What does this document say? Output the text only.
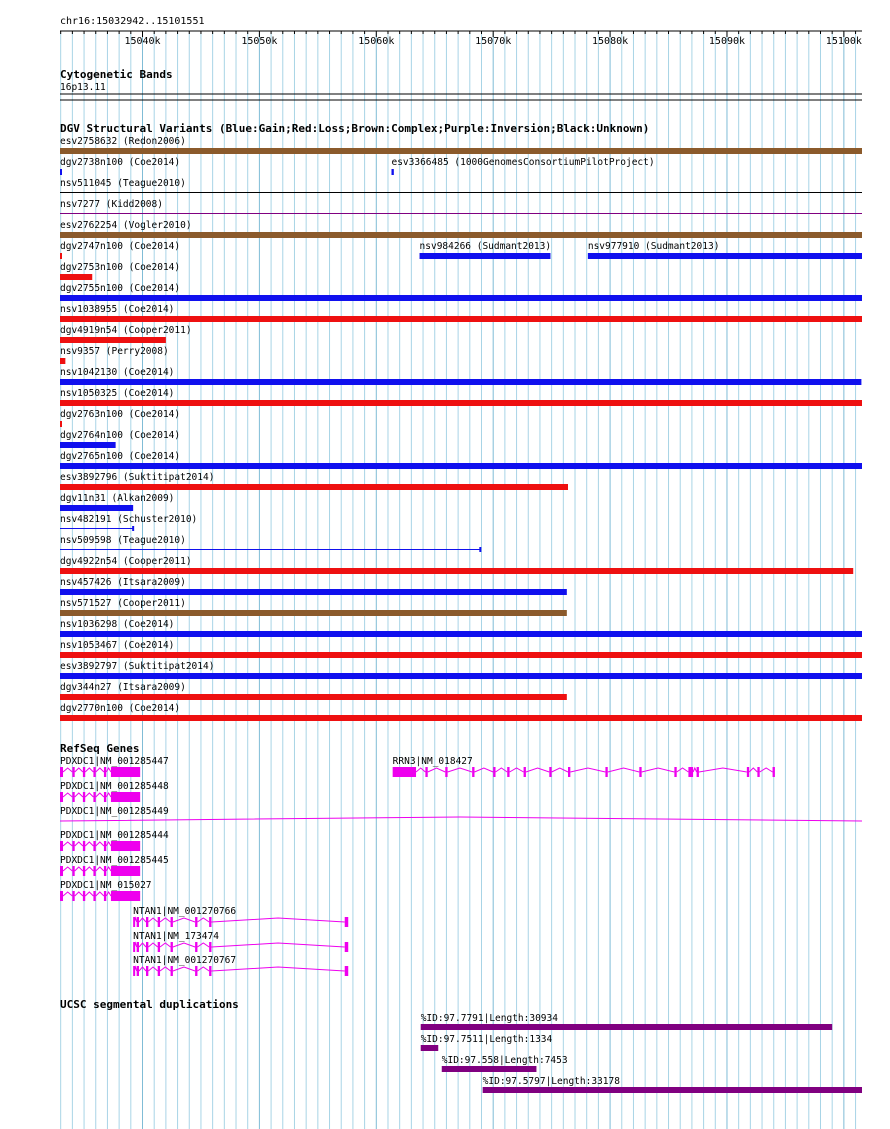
chr16:15032942..15101551
15040k	15050k	15060k	15070k	15080k	15090k	15100k
Cytogenetic Bands
16p13.11
DGV Structural Variants (Blue:Gain;Red:Loss;Brown:Complex;Purple:Inversion;Black:Unknown)
esv2758632 (Redon2006)
dgv2738n100 (Coe2014)	esv3366485 (1000GenomesConsortiumPilotProject)
nsv511045 (Teague2010)
nsv7277 (Kidd2008)
esv2762254 (Vogler2010)
dgv2747n100 (Coe2014)	nsv984266 (Sudmant2013)	nsv977910 (Sudmant2013)
dgv2753n100 (Coe2014)
dgv2755n100 (Coe2014)
nsv1038955 (Coe2014)
dgv4919n54 (Cooper2011)
nsv9357 (Perry2008)
nsv1042130 (Coe2014)
nsv1050325 (Coe2014)
dgv2763n100 (Coe2014)
dgv2764n100 (Coe2014)
dgv2765n100 (Coe2014)
esv3892796 (Suktitipat2014)
dgv11n31 (Alkan2009)
nsv482191 (Schuster2010)
nsv509598 (Teague2010)
dgv4922n54 (Cooper2011)
nsv457426 (Itsara2009)
nsv571527 (Cooper2011)
nsv1036298 (Coe2014)
nsv1053467 (Coe2014)
esv3892797 (Suktitipat2014)
dgv344n27 (Itsara2009)
dgv2770n100 (Coe2014)
RefSeq Genes
PDXDC1|NM_001285447	RRN3|NM_018427
PDXDC1|NM_001285448
PDXDC1|NM_001285449
PDXDC1|NM_001285444
PDXDC1|NM_001285445
PDXDC1|NM_015027
NTAN1|NM_001270766
NTAN1|NM_173474
NTAN1|NM_001270767
UCSC segmental duplications
%ID:97.7791|Length:30934
%ID:97.7511|Length:1334
%ID:97.558|Length:7453
%ID:97.5797|Length:33178
